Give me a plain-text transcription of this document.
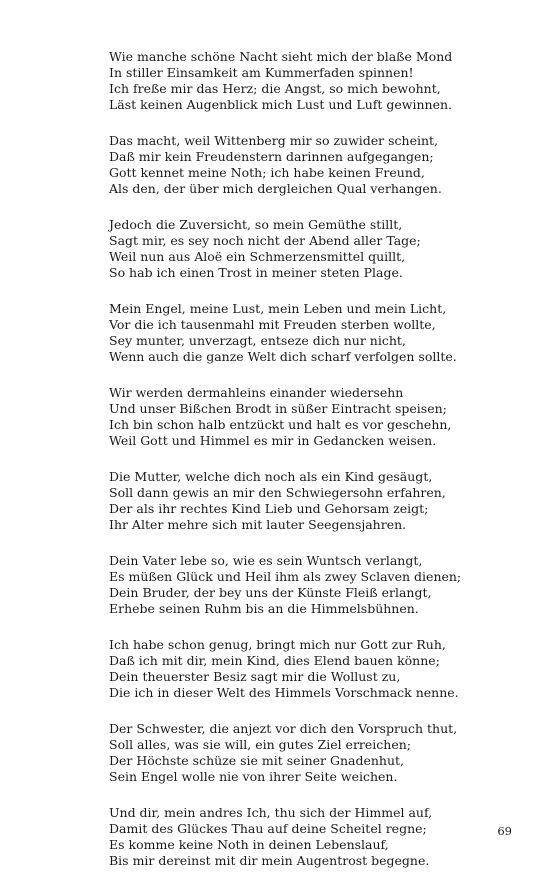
Wie manche schöne Nacht sieht mich der blaße Mond
In stiller Einsamkeit am Kummerfaden spinnen!
Ich freße mir das Herz; die Angst, so mich bewohnt,
Läst keinen Augenblick mich Lust und Luft gewinnen.
Das macht, weil Wittenberg mir so zuwider scheint,
Daß mir kein Freudenstern darinnen aufgegangen;
Gott kennet meine Noth; ich habe keinen Freund,
Als den, der über mich dergleichen Qual verhangen.
Jedoch die Zuversicht, so mein Gemüthe stillt,
Sagt mir, es sey noch nicht der Abend aller Tage;
Weil nun aus Aloë ein Schmerzensmittel quillt,
So hab ich einen Trost in meiner steten Plage.
Mein Engel, meine Lust, mein Leben und mein Licht,
Vor die ich tausenmahl mit Freuden sterben wollte,
Sey munter, unverzagt, entseze dich nur nicht,
Wenn auch die ganze Welt dich scharf verfolgen sollte.
Wir werden dermahleins einander wiedersehn
Und unser Bißchen Brodt in süßer Eintracht speisen;
Ich bin schon halb entzückt und halt es vor geschehn,
Weil Gott und Himmel es mir in Gedancken weisen.
Die Mutter, welche dich noch als ein Kind gesäugt,
Soll dann gewis an mir den Schwiegersohn erfahren,
Der als ihr rechtes Kind Lieb und Gehorsam zeigt;
Ihr Alter mehre sich mit lauter Seegensjahren.
Dein Vater lebe so, wie es sein Wuntsch verlangt,
Es müßen Glück und Heil ihm als zwey Sclaven dienen;
Dein Bruder, der bey uns der Künste Fleiß erlangt,
Erhebe seinen Ruhm bis an die Himmelsbühnen.
Ich habe schon genug, bringt mich nur Gott zur Ruh,
Daß ich mit dir, mein Kind, dies Elend bauen könne;
Dein theuerster Besiz sagt mir die Wollust zu,
Die ich in dieser Welt des Himmels Vorschmack nenne.
Der Schwester, die anjezt vor dich den Vorspruch thut,
Soll alles, was sie will, ein gutes Ziel erreichen;
Der Höchste schüze sie mit seiner Gnadenhut,
Sein Engel wolle nie von ihrer Seite weichen.
Und dir, mein andres Ich, thu sich der Himmel auf,
Damit des Glückes Thau auf deine Scheitel regne;
Es komme keine Noth in deinen Lebenslauf,
Bis mir dereinst mit dir mein Augentrost begegne.
69
